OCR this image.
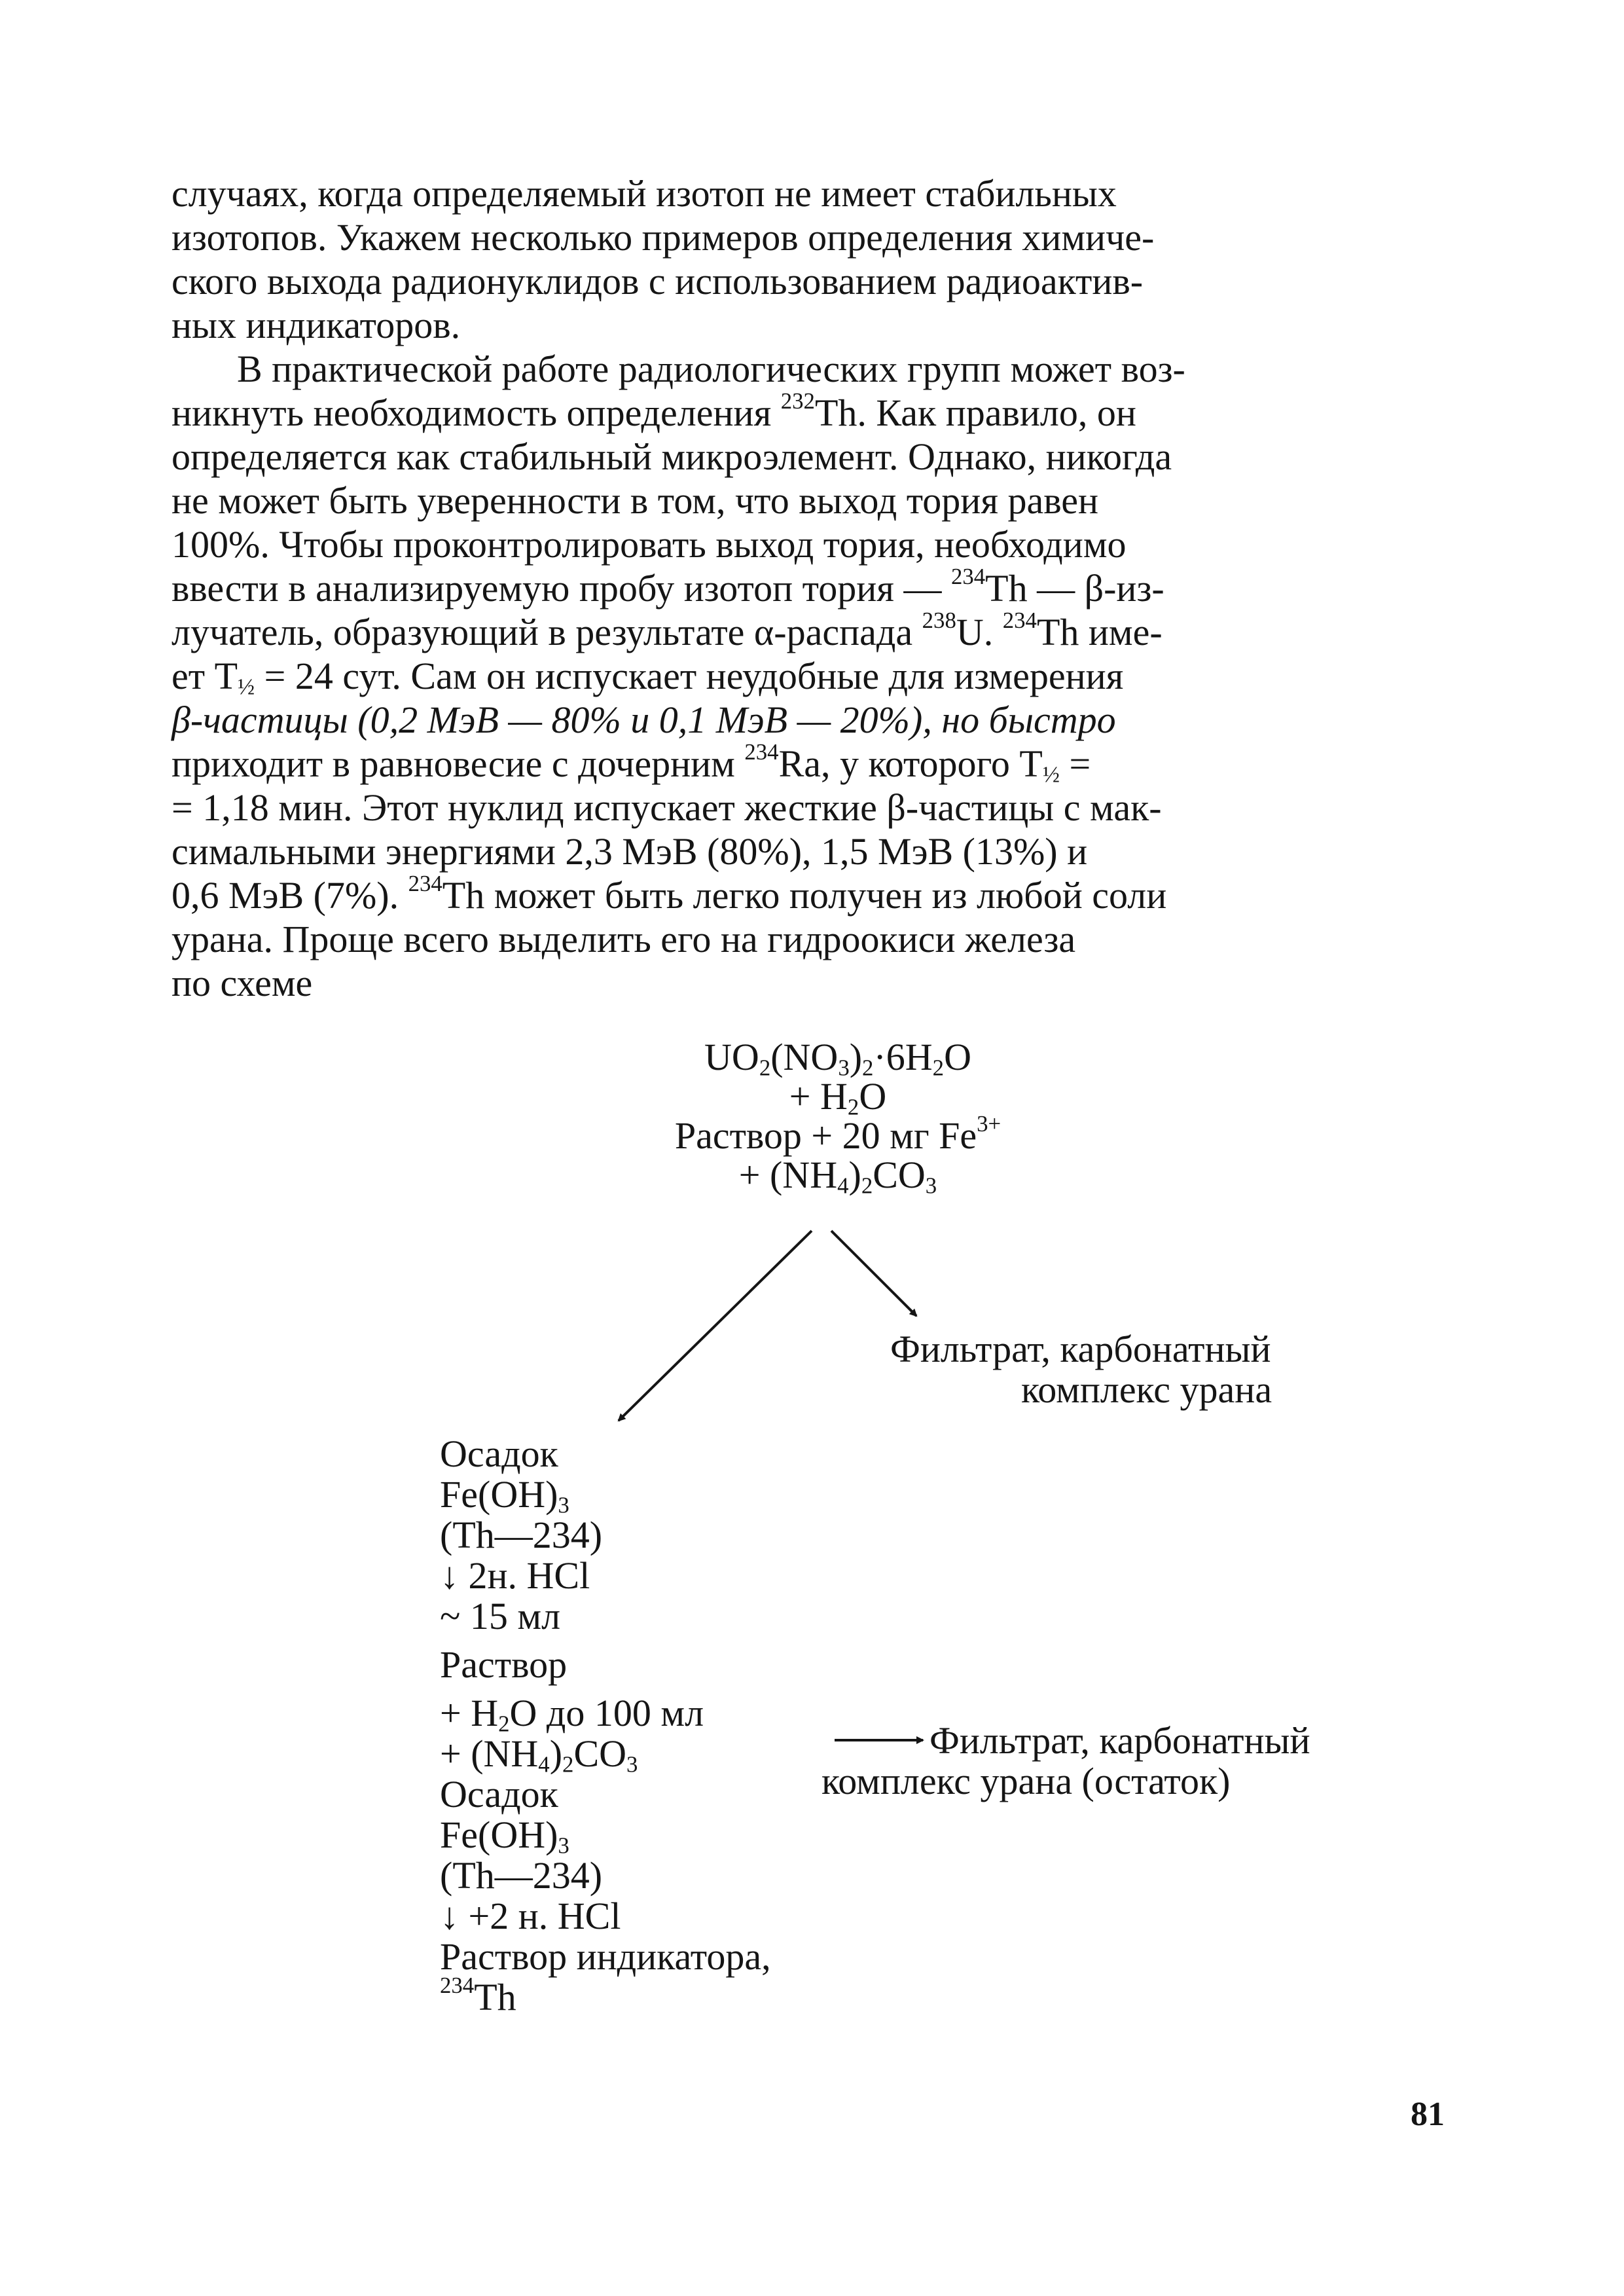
случаях, когда определяемый изотоп не имеет стабильных
изотопов. Укажем несколько примеров определения химиче-
ского выхода радионуклидов с использованием радиоактив-
ных индикаторов.

В практической работе радиологических групп может воз-
никнуть необходимость определения $^{232}$Th. Как правило, он
определяется как стабильный микроэлемент. Однако, никогда
не может быть уверенности в том, что выход тория равен
100%. Чтобы проконтролировать выход тория, необходимо
ввести в анализируемую пробу изотоп тория — $^{234}$Th — β-из-
лучатель, образующий в результате α-распада $^{238}$U. $^{234}$Th име-
ет $T_{\frac{1}{2}} = 24$ сут. Сам он испускает неудобные для измерения
β-частицы (0,2 МэВ — 80% и 0,1 МэВ — 20%), но быстро
приходит в равновесие с дочерним $^{234}$Ra, у которого $T_{\frac{1}{2}}$ =
= 1,18 мин. Этот нуклид испускает жесткие β-частицы с мак-
симальными энергиями 2,3 МэВ (80%), 1,5 МэВ (13%) и
0,6 МэВ (7%). $^{234}$Th может быть легко получен из любой соли
урана. Проще всего выделить его на гидроокиси железа
по схеме

$UO_2(NO_3)_2\cdot 6H_2O$
+ $H_2O$
Раствор + 20 мг $Fe^{3+}$
+ $(NH_4)_2CO_3$
Фильтрат, карбонатный
комплекс урана
Осадок
$Fe(OH)_3$
(Th—234)
↓ 2н. HCl
~ 15 мл
Раствор
+ $H_2O$ до 100 мл
+ $(NH_4)_2CO_3$
Осадок
$Fe(OH)_3$
(Th—234)
↓ +2 н. HCl
Раствор индикатора,
$^{234}$Th
Фильтрат, карбонатный
комплекс урана (остаток)
81
